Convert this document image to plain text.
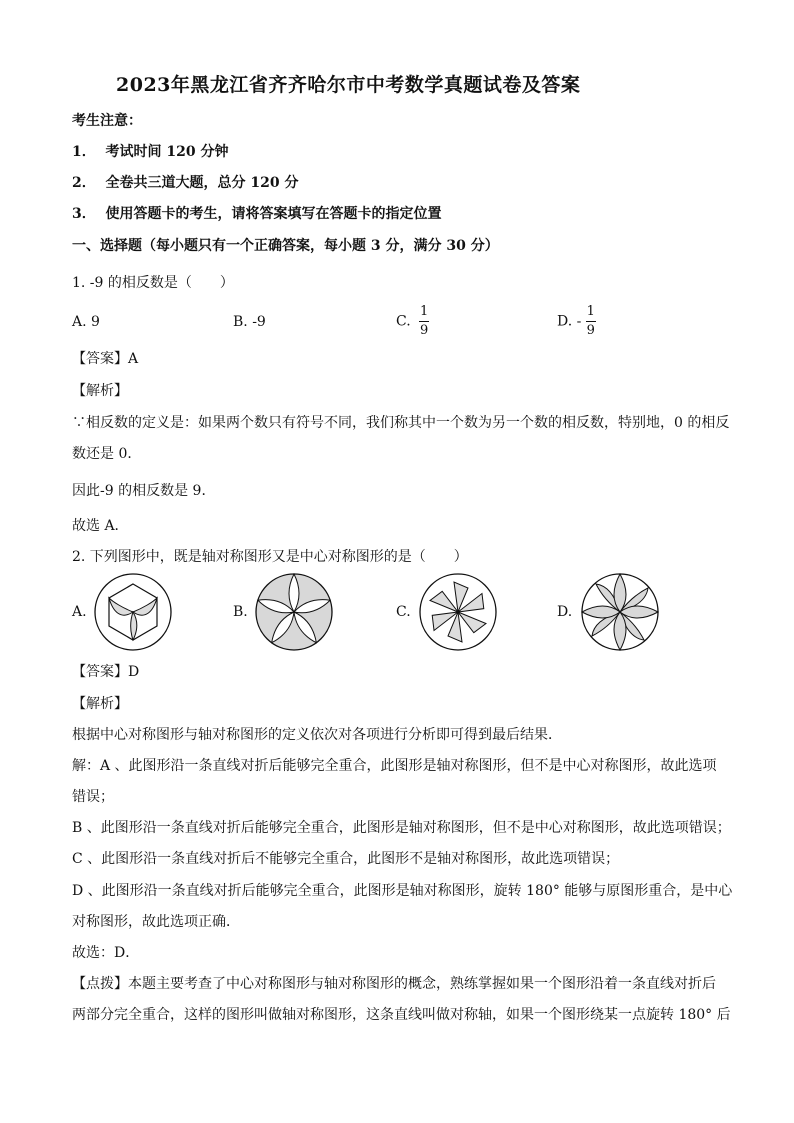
2023年黑龙江省齐齐哈尔市中考数学真题试卷及答案
考生注意：
1． 考试时间 120 分钟
2． 全卷共三道大题，总分 120 分
3． 使用答题卡的考生，请将答案填写在答题卡的指定位置
一、选择题（每小题只有一个正确答案，每小题 3 分，满分 30 分）
1. -9 的相反数是（　　）
A. 9	B. -9	C. $\frac{1}{9}$	D. - $\frac{1}{9}$
【答案】A
【解析】
∵相反数的定义是：如果两个数只有符号不同，我们称其中一个数为另一个数的相反数，特别地，0 的相反
数还是 0．
因此-9 的相反数是 9．
故选 A．
2. 下列图形中，既是轴对称图形又是中心对称图形的是（　　）
A.	B.	C.	D.
【答案】D
【解析】
根据中心对称图形与轴对称图形的定义依次对各项进行分析即可得到最后结果．
解：A 、此图形沿一条直线对折后能够完全重合，此图形是轴对称图形，但不是中心对称图形，故此选项
错误；
B 、此图形沿一条直线对折后能够完全重合，此图形是轴对称图形，但不是中心对称图形，故此选项错误；
C 、此图形沿一条直线对折后不能够完全重合，此图形不是轴对称图形，故此选项错误；
D 、此图形沿一条直线对折后能够完全重合，此图形是轴对称图形，旋转 180° 能够与原图形重合，是中心
对称图形，故此选项正确．
故选：D．
【点拨】本题主要考查了中心对称图形与轴对称图形的概念，熟练掌握如果一个图形沿着一条直线对折后
两部分完全重合，这样的图形叫做轴对称图形，这条直线叫做对称轴，如果一个图形绕某一点旋转 180° 后
